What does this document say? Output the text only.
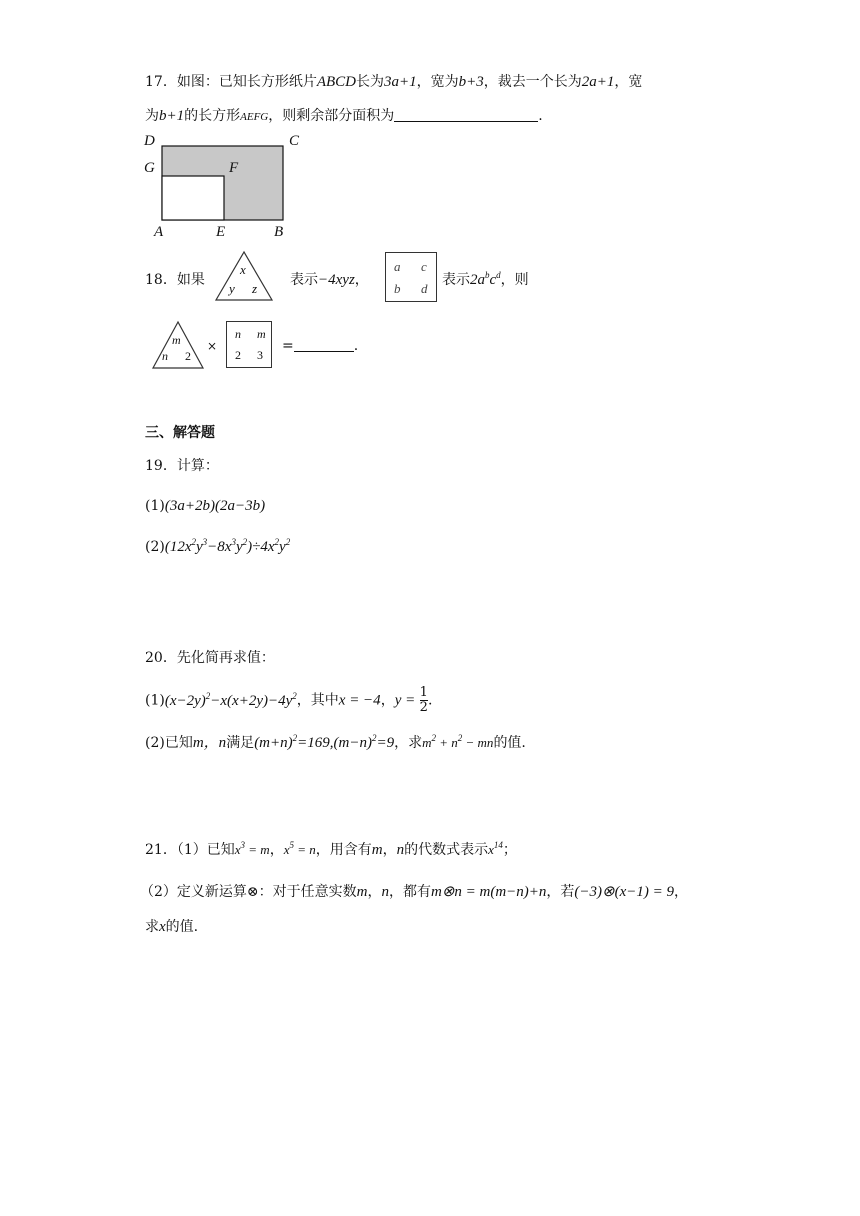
17．如图：已知长方形纸片ABCD长为3a+1，宽为b+3，裁去一个长为2a+1，宽
为b+1的长方形AEFG，则剩余部分面积为	.
D	C
G	F
A	E	B
18．如果
x
y z
表示−4xyz，
a c
b d
表示$2a^bc^d$，则
m
n 2
×
n m
2 3
=	.
三、解答题
19．计算：
(1)(3a+2b)(2a−3b)
$(2)(12x^2y^3-8x^3y^2)\div 4x^2y^2$
20．先化简再求值：
$(1)(x-2y)^2-x(x+2y)-4y^2$，其中x = −4，$y = \frac{1}{2}$ .
(2)已知m，n满足$(m+n)^2=169,(m-n)^2=9$，求$m^2 + n^2$ − mn的值.
21．（1）已知$x^3 = m$，$x^5 = n$，用含有m，n的代数式表示$x^{14}$；
（2）定义新运算⊗：对于任意实数m，n，都有m⊗n = m(m−n)+n，若(−3)⊗(x−1) = 9，
求x的值.
